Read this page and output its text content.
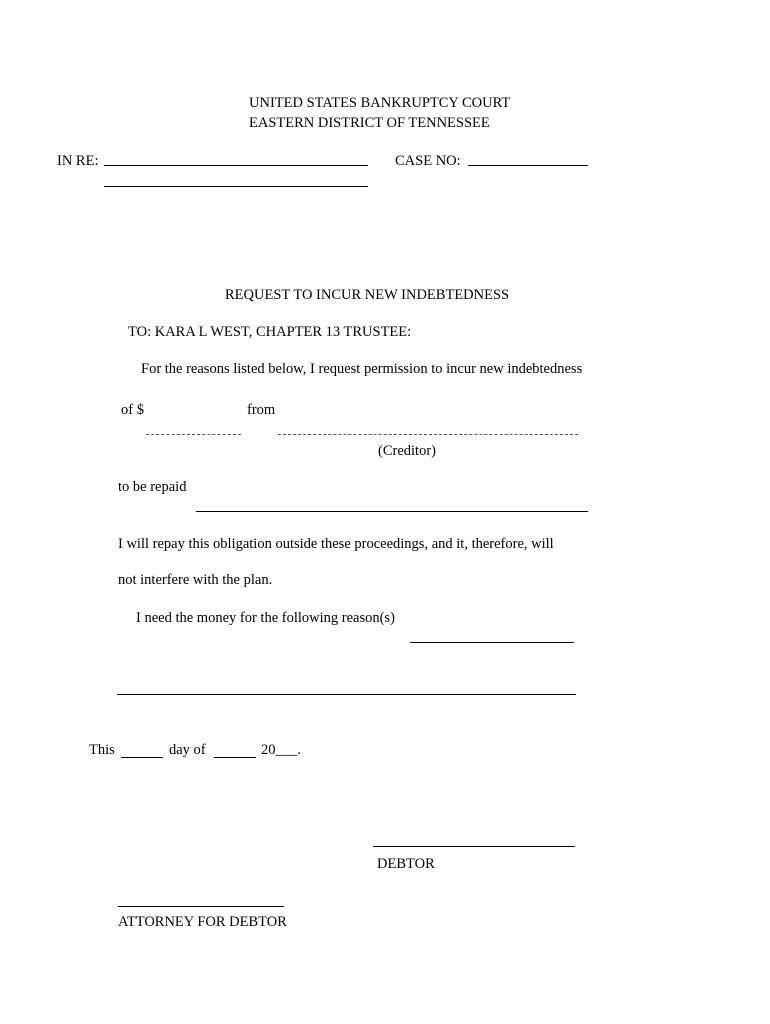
UNITED STATES BANKRUPTCY COURT
EASTERN DISTRICT OF TENNESSEE
IN RE:	CASE NO:
REQUEST TO INCUR NEW INDEBTEDNESS
TO: KARA L WEST, CHAPTER 13 TRUSTEE:
For the reasons listed below, I request permission to incur new indebtedness
of $	from
(Creditor)
to be repaid
I will repay this obligation outside these proceedings, and it, therefore, will
not interfere with the plan.
I need the money for the following reason(s)
This	day of	20___.
DEBTOR
ATTORNEY FOR DEBTOR
